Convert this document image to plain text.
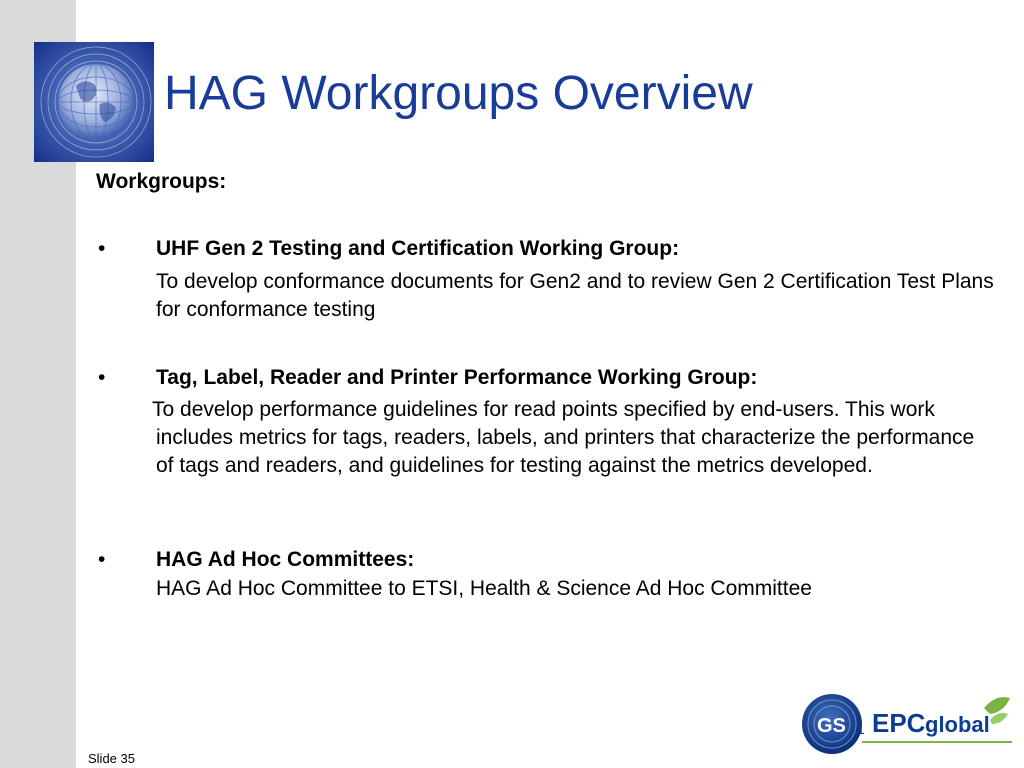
HAG Workgroups Overview
Workgroups:
• UHF Gen 2 Testing and Certification Working Group:
To develop conformance documents for Gen2 and to review Gen 2 Certification Test Plans for conformance testing
• Tag, Label, Reader and Printer Performance Working Group:
To develop performance guidelines for read points specified by end-users. This work includes metrics for tags, readers, labels, and printers that characterize the performance of tags and readers, and guidelines for testing against the metrics developed.
• HAG Ad Hoc Committees:
HAG Ad Hoc Committee to ETSI, Health & Science Ad Hoc Committee
Slide 35
GS 1 EPC global
